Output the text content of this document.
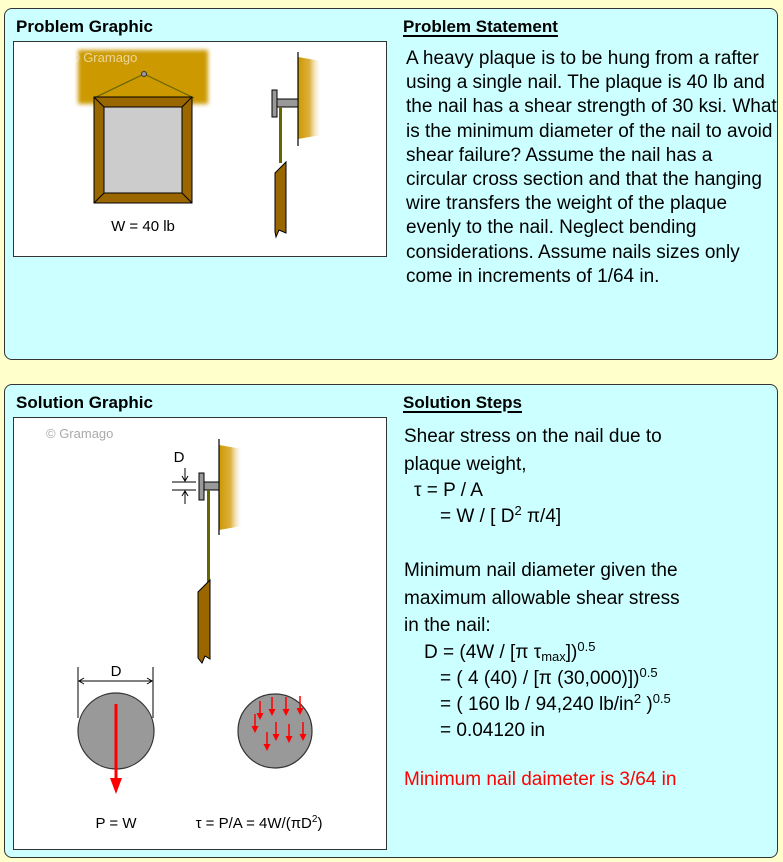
Problem Graphic	Problem Statement
© Gramago
W = 40 lb
A heavy plaque is to be hung from a rafter using a single nail. The plaque is 40 lb and the nail has a shear strength of 30 ksi. What is the minimum diameter of the nail to avoid shear failure? Assume the nail has a circular cross section and that the hanging wire transfers the weight of the plaque evenly to the nail. Neglect bending considerations. Assume nails sizes only come in increments of 1/64 in.
Solution Graphic	Solution Steps
© Gramago
D
D
P = W	$\tau = P/A = 4W/(\pi D^2)$
Shear stress on the nail due to
plaque weight,
τ = P / A
= W / [ $D^2$ π/4]
Minimum nail diameter given the
maximum allowable shear stress
in the nail:
D = (4W / [π $\tau_{max}])^{0.5}$
= ( 4 (40) / [π (30,000)])$^{0.5}$
= ( 160 lb / 94,240 $lb/in^2$ )$^{0.5}$
= 0.04120 in
Minimum nail daimeter is 3/64 in
